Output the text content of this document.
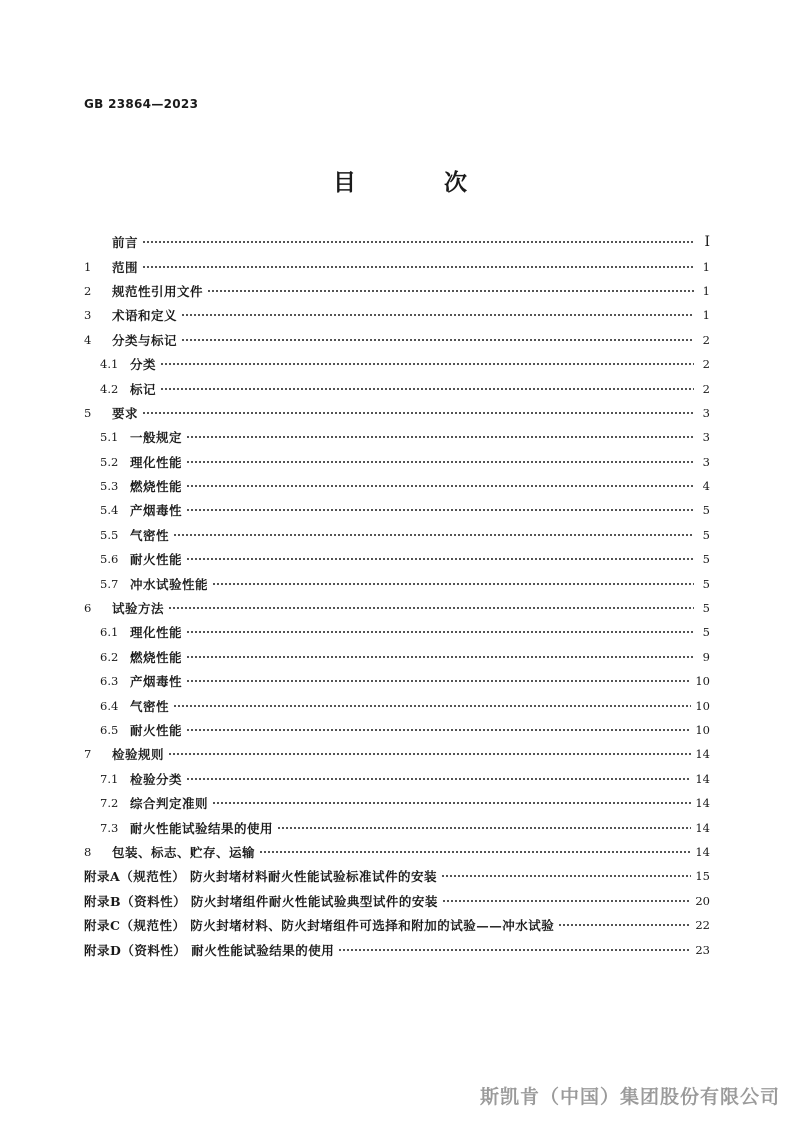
GB 23864—2023
目 次
前言	Ⅰ
1	范围	1
2	规范性引用文件	1
3	术语和定义	1
4	分类与标记	2
4.1 分类	2
4.2 标记	2
5	要求	3
5.1 一般规定	3
5.2 理化性能	3
5.3 燃烧性能	4
5.4 产烟毒性	5
5.5 气密性	5
5.6 耐火性能	5
5.7 冲水试验性能	5
6	试验方法	5
6.1 理化性能	5
6.2 燃烧性能	9
6.3 产烟毒性	10
6.4 气密性	10
6.5 耐火性能	10
7	检验规则	14
7.1 检验分类	14
7.2 综合判定准则	14
7.3 耐火性能试验结果的使用	14
8	包装、标志、贮存、运输	14
附录A（规范性） 防火封堵材料耐火性能试验标准试件的安装	15
附录B（资料性） 防火封堵组件耐火性能试验典型试件的安装	20
附录C（规范性） 防火封堵材料、防火封堵组件可选择和附加的试验——冲水试验	22
附录D（资料性） 耐火性能试验结果的使用	23
斯凯肯（中国）集团股份有限公司
